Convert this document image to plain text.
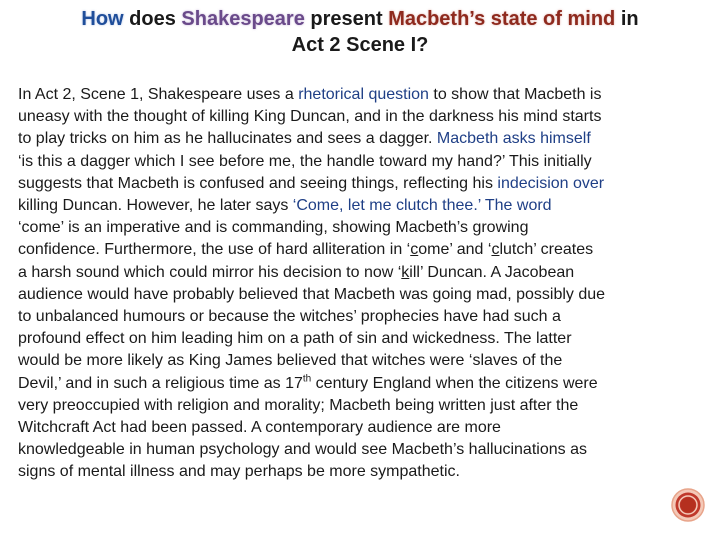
How does Shakespeare present Macbeth’s state of mind in
Act 2 Scene I?
In Act 2, Scene 1, Shakespeare uses a rhetorical question to show that Macbeth is
uneasy with the thought of killing King Duncan, and in the darkness his mind starts
to play tricks on him as he hallucinates and sees a dagger. Macbeth asks himself
‘is this a dagger which I see before me, the handle toward my hand?’ This initially
suggests that Macbeth is confused and seeing things, reflecting his indecision over
killing Duncan. However, he later says ‘Come, let me clutch thee.’ The word
‘come’ is an imperative and is commanding, showing Macbeth’s growing
confidence. Furthermore, the use of hard alliteration in ‘come’ and ‘clutch’ creates
a harsh sound which could mirror his decision to now ‘kill’ Duncan. A Jacobean
audience would have probably believed that Macbeth was going mad, possibly due
to unbalanced humours or because the witches’ prophecies have had such a
profound effect on him leading him on a path of sin and wickedness. The latter
would be more likely as King James believed that witches were ‘slaves of the
Devil,’ and in such a religious time as 17th century England when the citizens were
very preoccupied with religion and morality; Macbeth being written just after the
Witchcraft Act had been passed. A contemporary audience are more
knowledgeable in human psychology and would see Macbeth’s hallucinations as
signs of mental illness and may perhaps be more sympathetic.
